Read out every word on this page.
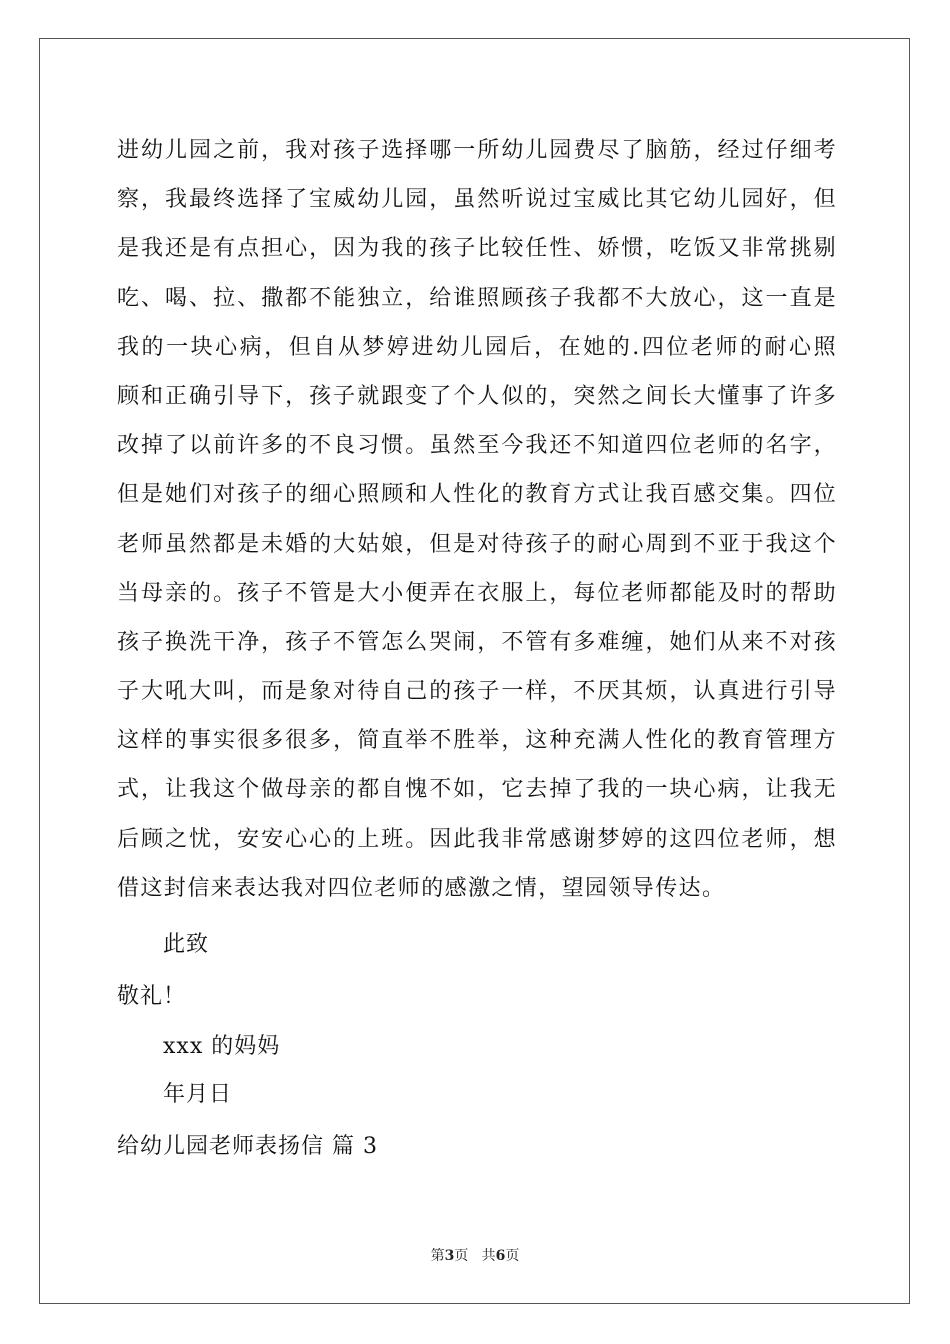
进幼儿园之前，我对孩子选择哪一所幼儿园费尽了脑筋，经过仔细考
察，我最终选择了宝威幼儿园，虽然听说过宝威比其它幼儿园好，但
是我还是有点担心，因为我的孩子比较任性、娇惯，吃饭又非常挑剔
吃、喝、拉、撒都不能独立，给谁照顾孩子我都不大放心，这一直是
我的一块心病，但自从梦婷进幼儿园后，在她的.四位老师的耐心照
顾和正确引导下，孩子就跟变了个人似的，突然之间长大懂事了许多
改掉了以前许多的不良习惯。虽然至今我还不知道四位老师的名字，
但是她们对孩子的细心照顾和人性化的教育方式让我百感交集。四位
老师虽然都是未婚的大姑娘，但是对待孩子的耐心周到不亚于我这个
当母亲的。孩子不管是大小便弄在衣服上，每位老师都能及时的帮助
孩子换洗干净，孩子不管怎么哭闹，不管有多难缠，她们从来不对孩
子大吼大叫，而是象对待自己的孩子一样，不厌其烦，认真进行引导
这样的事实很多很多，简直举不胜举，这种充满人性化的教育管理方
式，让我这个做母亲的都自愧不如，它去掉了我的一块心病，让我无
后顾之忧，安安心心的上班。因此我非常感谢梦婷的这四位老师，想
借这封信来表达我对四位老师的感激之情，望园领导传达。
此致
敬礼！
xxx 的妈妈
年月日
给幼儿园老师表扬信 篇 3
第3页 共6页
